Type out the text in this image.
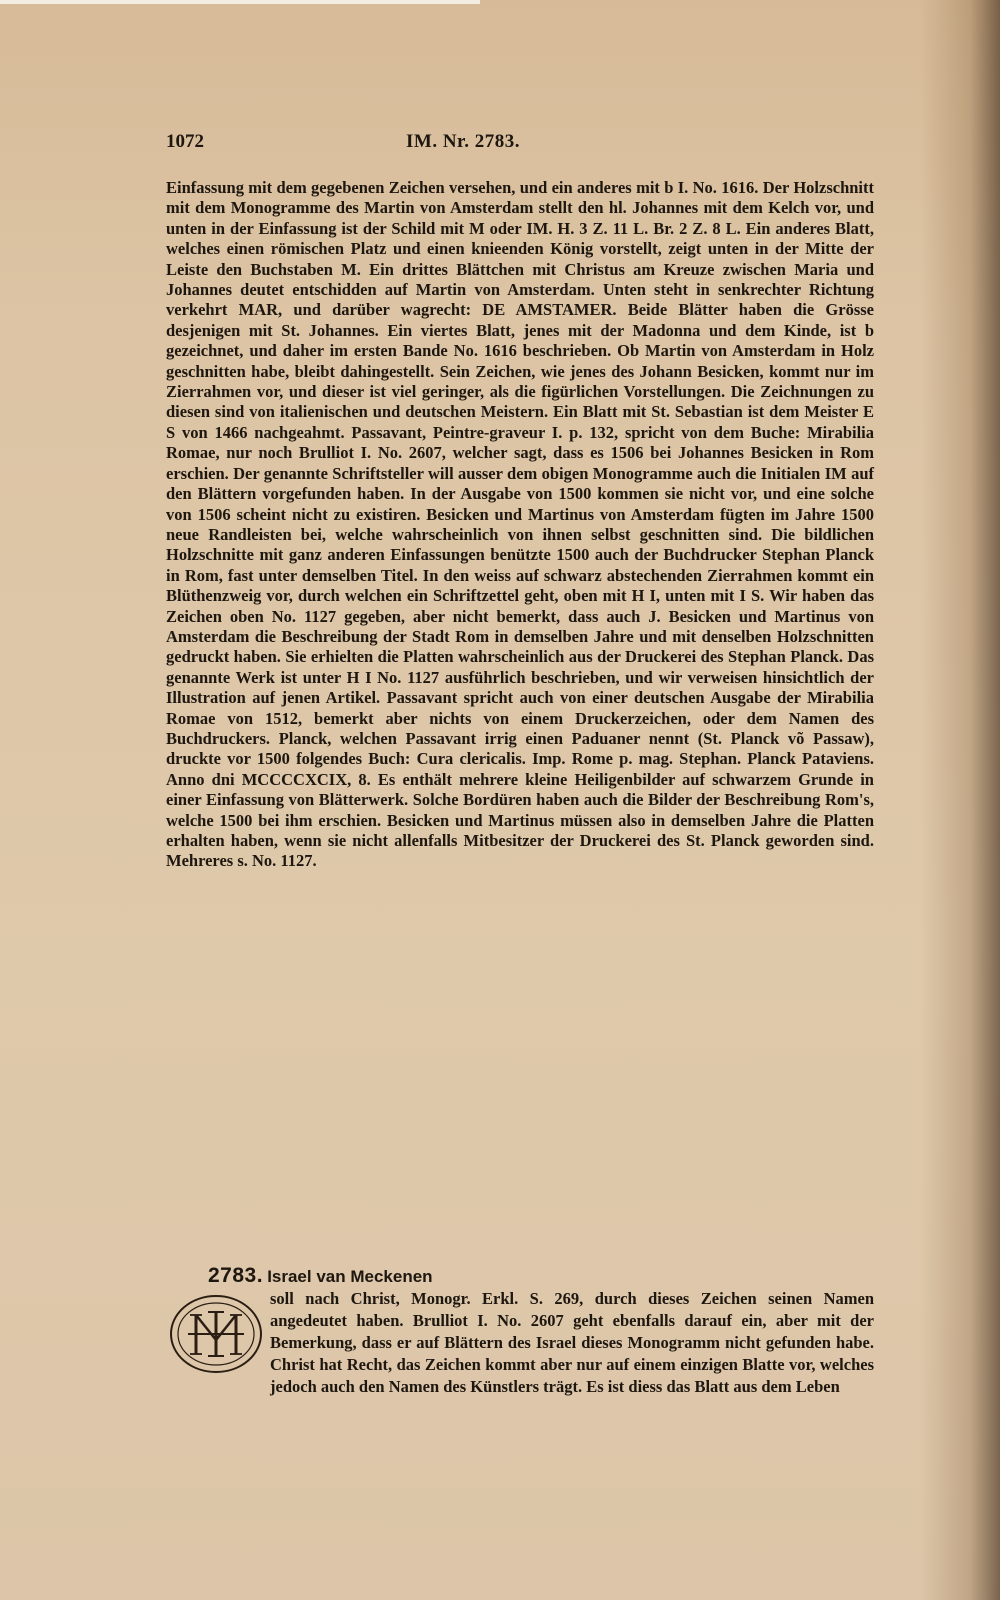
1072	IM. Nr. 2783.

Einfassung mit dem gegebenen Zeichen versehen, und ein anderes mit b I. No. 1616. Der Holzschnitt mit dem Monogramme des Martin von Amsterdam stellt den hl. Johannes mit dem Kelch vor, und unten in der Einfassung ist der Schild mit M oder IM. H. 3 Z. 11 L. Br. 2 Z. 8 L. Ein anderes Blatt, welches einen römischen Platz und einen knieenden König vorstellt, zeigt unten in der Mitte der Leiste den Buchstaben M. Ein drittes Blättchen mit Christus am Kreuze zwischen Maria und Johannes deutet entschidden auf Martin von Amsterdam. Unten steht in senkrechter Richtung verkehrt MAR, und darüber wagrecht: DE AMSTAMER. Beide Blätter haben die Grösse desjenigen mit St. Johannes. Ein viertes Blatt, jenes mit der Madonna und dem Kinde, ist b gezeichnet, und daher im ersten Bande No. 1616 beschrieben. Ob Martin von Amsterdam in Holz geschnitten habe, bleibt dahingestellt. Sein Zeichen, wie jenes des Johann Besicken, kommt nur im Zierrahmen vor, und dieser ist viel geringer, als die figürlichen Vorstellungen. Die Zeichnungen zu diesen sind von italienischen und deutschen Meistern. Ein Blatt mit St. Sebastian ist dem Meister E S von 1466 nachgeahmt. Passavant, Peintre-graveur I. p. 132, spricht von dem Buche: Mirabilia Romae, nur noch Brulliot I. No. 2607, welcher sagt, dass es 1506 bei Johannes Besicken in Rom erschien. Der genannte Schriftsteller will ausser dem obigen Monogramme auch die Initialen IM auf den Blättern vorgefunden haben. In der Ausgabe von 1500 kommen sie nicht vor, und eine solche von 1506 scheint nicht zu existiren. Besicken und Martinus von Amsterdam fügten im Jahre 1500 neue Randleisten bei, welche wahrscheinlich von ihnen selbst geschnitten sind. Die bildlichen Holzschnitte mit ganz anderen Einfassungen benützte 1500 auch der Buchdrucker Stephan Planck in Rom, fast unter demselben Titel. In den weiss auf schwarz abstechenden Zierrahmen kommt ein Blüthenzweig vor, durch welchen ein Schriftzettel geht, oben mit H I, unten mit I S. Wir haben das Zeichen oben No. 1127 gegeben, aber nicht bemerkt, dass auch J. Besicken und Martinus von Amsterdam die Beschreibung der Stadt Rom in demselben Jahre und mit denselben Holzschnitten gedruckt haben. Sie erhielten die Platten wahrscheinlich aus der Druckerei des Stephan Planck. Das genannte Werk ist unter H I No. 1127 ausführlich beschrieben, und wir verweisen hinsichtlich der Illustration auf jenen Artikel. Passavant spricht auch von einer deutschen Ausgabe der Mirabilia Romae von 1512, bemerkt aber nichts von einem Druckerzeichen, oder dem Namen des Buchdruckers. Planck, welchen Passavant irrig einen Paduaner nennt (St. Planck võ Passaw), druckte vor 1500 folgendes Buch: Cura clericalis. Imp. Rome p. mag. Stephan. Planck Pataviens. Anno dni MCCCCXCIX, 8. Es enthält mehrere kleine Heiligenbilder auf schwarzem Grunde in einer Einfassung von Blätterwerk. Solche Bordüren haben auch die Bilder der Beschreibung Rom's, welche 1500 bei ihm erschien. Besicken und Martinus müssen also in demselben Jahre die Platten erhalten haben, wenn sie nicht allenfalls Mitbesitzer der Druckerei des St. Planck geworden sind. Mehreres s. No. 1127.

2783. Israel van Meckenen
soll nach Christ, Monogr. Erkl. S. 269, durch dieses Zeichen seinen Namen angedeutet haben. Brulliot I. No. 2607 geht ebenfalls darauf ein, aber mit der Bemerkung, dass er auf Blättern des Israel dieses Monogramm nicht gefunden habe. Christ hat Recht, das Zeichen kommt aber nur auf einem einzigen Blatte vor, welches jedoch auch den Namen des Künstlers trägt. Es ist diess das Blatt aus dem Leben
